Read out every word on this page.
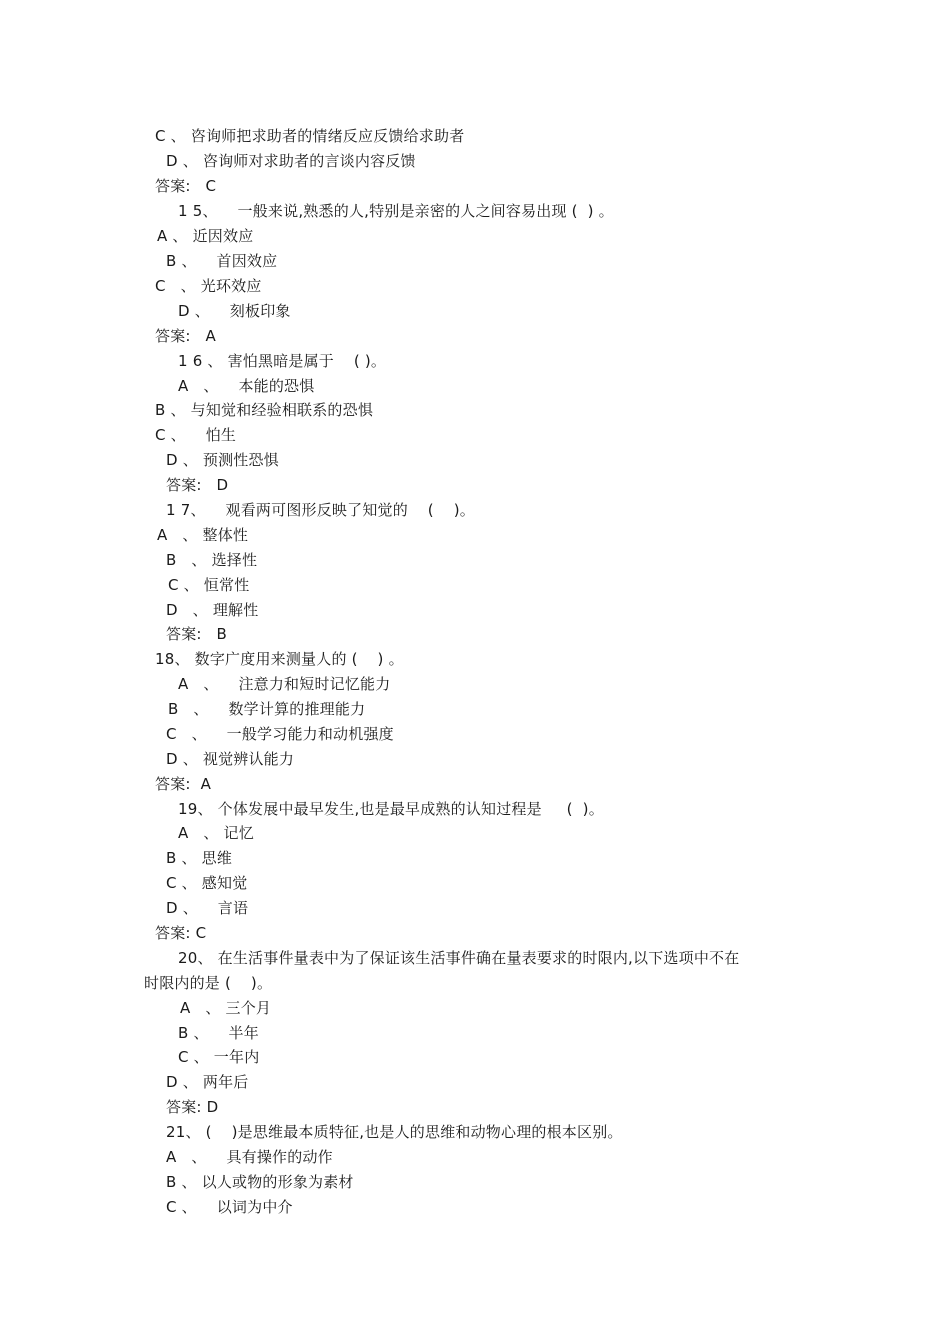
C 、 咨询师把求助者的情绪反应反馈给求助者
D 、 咨询师对求助者的言谈内容反馈
答案:   C
1 5、    一般来说,熟悉的人,特别是亲密的人之间容易出现 (  ) 。
A 、 近因效应
B 、    首因效应
C   、 光环效应
D 、    刻板印象
答案:   A
1 6 、 害怕黑暗是属于    ( )。
A   、    本能的恐惧
B 、 与知觉和经验相联系的恐惧
C 、    怕生
D 、 预测性恐惧
答案:   D
1 7、    观看两可图形反映了知觉的    (    )。
A   、 整体性
B   、 选择性
C 、 恒常性
D   、 理解性
答案:   B
18、 数字广度用来测量人的 (    ) 。
A   、    注意力和短时记忆能力
B   、    数学计算的推理能力
C   、    一般学习能力和动机强度
D 、 视觉辨认能力
答案:  A
19、 个体发展中最早发生,也是最早成熟的认知过程是     (  )。
A   、 记忆
B 、 思维
C 、 感知觉
D 、    言语
答案: C
20、 在生活事件量表中为了保证该生活事件确在量表要求的时限内,以下选项中不在
时限内的是 (    )。
A   、 三个月
B 、    半年
C 、 一年内
D 、 两年后
答案: D
21、 (    )是思维最本质特征,也是人的思维和动物心理的根本区别。
A   、    具有操作的动作
B 、 以人或物的形象为素材
C 、    以词为中介
